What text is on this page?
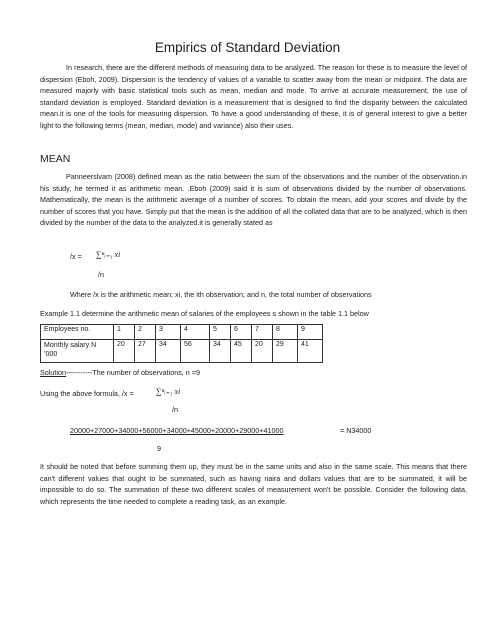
Empirics of Standard Deviation

In research, there are the different methods of measuring data to be analyzed. The reason for these is to measure the level of dispersion (Eboh, 2009). Dispersion is the tendency of values of a variable to scatter away from the mean or midpoint. The data are measured majorly with basic statistical tools such as mean, median and mode. To arrive at accurate measurement, the use of standard deviation is employed. Standard deviation is a measurement that is designed to find the disparity between the calculated mean.it is one of the tools for measuring dispersion. To have a good understanding of these, it is of general interest to give a better light to the following terms (mean, median, mode) and variance) also their uses.

MEAN

Panneerslvam (2008) defined mean as the ratio between the sum of the observations and the number of the observation.in his study, he termed it as arithmetic mean. .Eboh (2009) said it is sum of observations divided by the number of observations. Mathematically, the mean is the arithmetic average of a number of scores. To obtain the mean, add your scores and divide by the number of scores that you have. Simply put that the mean is the addition of all the collated data that are to be analyzed, which is then divided by the number of the data to the analyzed.it is generally stated as

/x = ∑ⁿᵢ₌₁ xi
/n
Where /x is the arithmetic mean; xi, the ith observation; and n, the total number of observations
Example 1.1 determine the arithmetic mean of salaries of the employees s shown in the table 1.1 below
Employees no.	1	2	3	4	5	6	7	8	9
Monthly salary N
’000	20	27	34	56	34	45	20	29	41
Solution-----------The number of observations, n =9
Using the above formula, /x =	∑ⁿᵢ₌₁ xi
/n
20000+27000+34000+56000+34000+45000+20000+29000+41000	= N34000
9

It should be noted that before summing them up, they must be in the same units and also in the same scale. This means that there can't different values that ought to be summated, such as having naira and dollars values that are to be summated, it will be impossible to do so. The summation of these two different scales of measurement won't be possible. Consider the following data, which represents the time needed to complete a reading task, as an example.
